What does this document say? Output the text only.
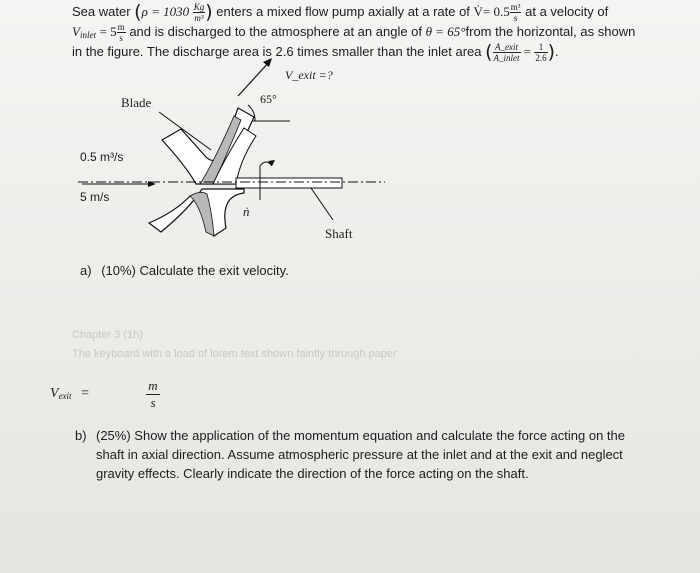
Sea water ($\rho = 1030 \frac{Kg}{\text{m³}}$ ) enters a mixed flow pump axially at a rate of V̇= $0.5 \frac{\text{m³}}{s}$ at a velocity of
$V_{inlet} = 5 \frac{m}{s}$ and is discharged to the atmosphere at an angle of θ = 65°from the horizontal, as shown
in the figure. The discharge area is 2.6 times smaller than the inlet area ( $\frac{\text{A\_exit}}{\text{A\_inlet}} = \frac{1}{2.6}$ ).
V_exit =?
65°
Blade
0.5 m³/s
5 m/s
ṅ
Shaft
a) (10%) Calculate the exit velocity.
Chapter 3 (1h)
The keyboard with a load of lorem text shown faintly through paper
$V_{exit}$ =	$\frac{m}{s}$
b) (25%) Show the application of the momentum equation and calculate the force acting on the
shaft in axial direction. Assume atmospheric pressure at the inlet and at the exit and neglect
gravity effects. Clearly indicate the direction of the force acting on the shaft.
